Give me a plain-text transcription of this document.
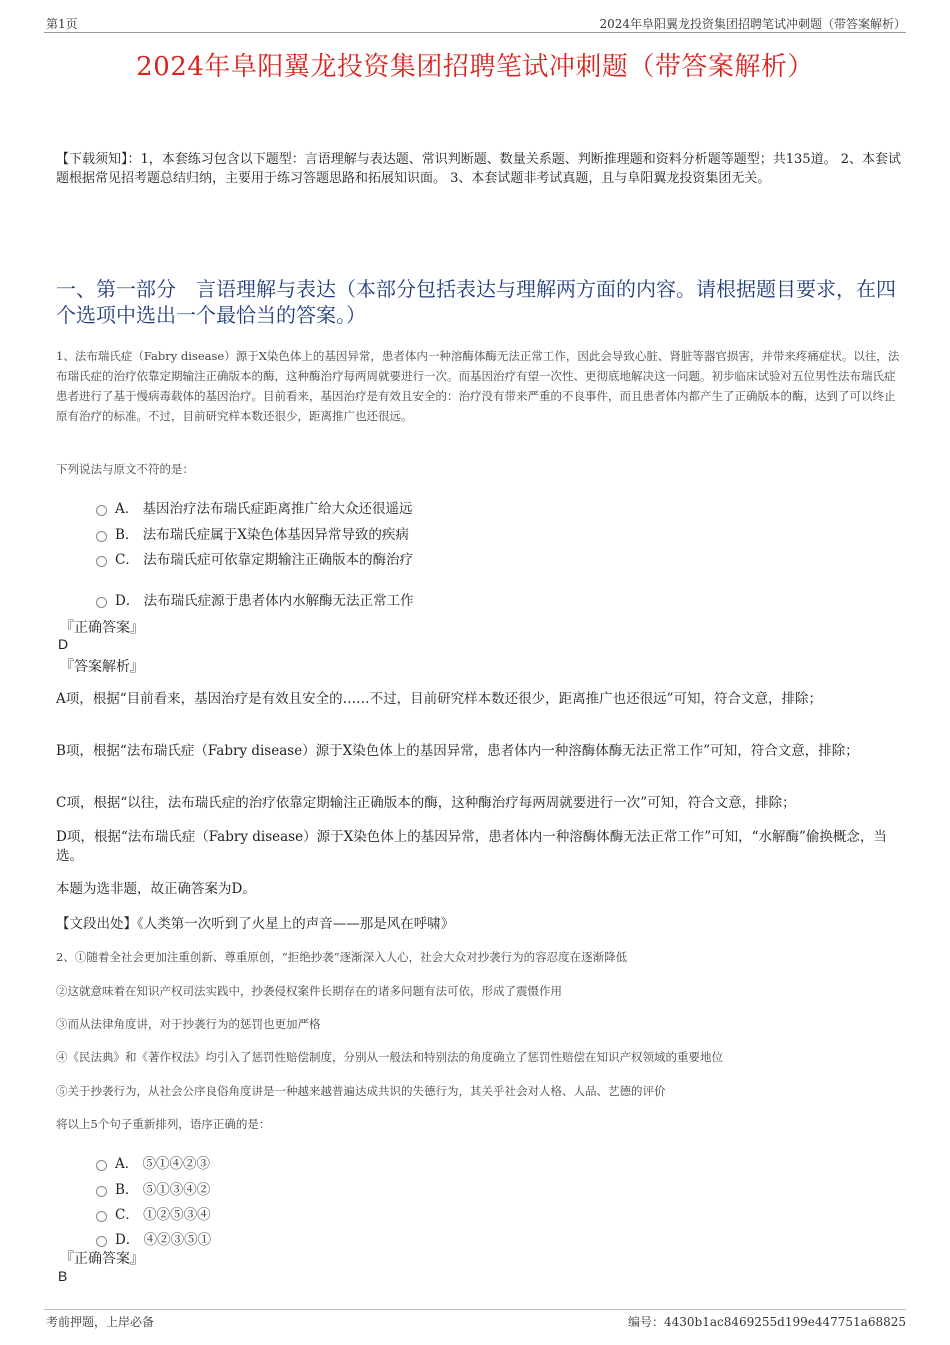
第1页	2024年阜阳翼龙投资集团招聘笔试冲刺题（带答案解析）
2024年阜阳翼龙投资集团招聘笔试冲刺题（带答案解析）
【下载须知】：1，本套练习包含以下题型：言语理解与表达题、常识判断题、数量关系题、判断推理题和资料分析题等题型；共135道。 2、本套试题根据常见招考题总结归纳，主要用于练习答题思路和拓展知识面。 3、本套试题非考试真题，且与阜阳翼龙投资集团无关。
一、第一部分　言语理解与表达（本部分包括表达与理解两方面的内容。请根据题目要求，在四个选项中选出一个最恰当的答案。）
1、法布瑞氏症（Fabry disease）源于X染色体上的基因异常，患者体内一种溶酶体酶无法正常工作，因此会导致心脏、肾脏等器官损害，并带来疼痛症状。以往，法布瑞氏症的治疗依靠定期输注正确版本的酶，这种酶治疗每两周就要进行一次。而基因治疗有望一次性、更彻底地解决这一问题。初步临床试验对五位男性法布瑞氏症患者进行了基于慢病毒载体的基因治疗。目前看来，基因治疗是有效且安全的：治疗没有带来严重的不良事件，而且患者体内都产生了正确版本的酶，达到了可以终止原有治疗的标准。不过，目前研究样本数还很少，距离推广也还很远。
下列说法与原文不符的是：
A． 基因治疗法布瑞氏症距离推广给大众还很遥远
B． 法布瑞氏症属于X染色体基因异常导致的疾病
C． 法布瑞氏症可依靠定期输注正确版本的酶治疗
D． 法布瑞氏症源于患者体内水解酶无法正常工作
『正确答案』
D
『答案解析』
A项，根据“目前看来，基因治疗是有效且安全的……不过，目前研究样本数还很少，距离推广也还很远”可知，符合文意，排除；
B项，根据“法布瑞氏症（Fabry disease）源于X染色体上的基因异常，患者体内一种溶酶体酶无法正常工作”可知，符合文意，排除；
C项，根据“以往，法布瑞氏症的治疗依靠定期输注正确版本的酶，这种酶治疗每两周就要进行一次”可知，符合文意，排除；
D项，根据“法布瑞氏症（Fabry disease）源于X染色体上的基因异常，患者体内一种溶酶体酶无法正常工作”可知，“水解酶”偷换概念，当选。
本题为选非题，故正确答案为D。
【文段出处】《人类第一次听到了火星上的声音——那是风在呼啸》
2、①随着全社会更加注重创新、尊重原创，“拒绝抄袭”逐渐深入人心，社会大众对抄袭行为的容忍度在逐渐降低
②这就意味着在知识产权司法实践中，抄袭侵权案件长期存在的诸多问题有法可依，形成了震慑作用
③而从法律角度讲，对于抄袭行为的惩罚也更加严格
④《民法典》和《著作权法》均引入了惩罚性赔偿制度，分别从一般法和特别法的角度确立了惩罚性赔偿在知识产权领域的重要地位
⑤关于抄袭行为，从社会公序良俗角度讲是一种越来越普遍达成共识的失德行为，其关乎社会对人格、人品、艺德的评价
将以上5个句子重新排列，语序正确的是：
A． ⑤①④②③
B． ⑤①③④②
C． ①②⑤③④
D． ④②③⑤①
『正确答案』
B
考前押题，上岸必备	编号：4430b1ac8469255d199e447751a68825
